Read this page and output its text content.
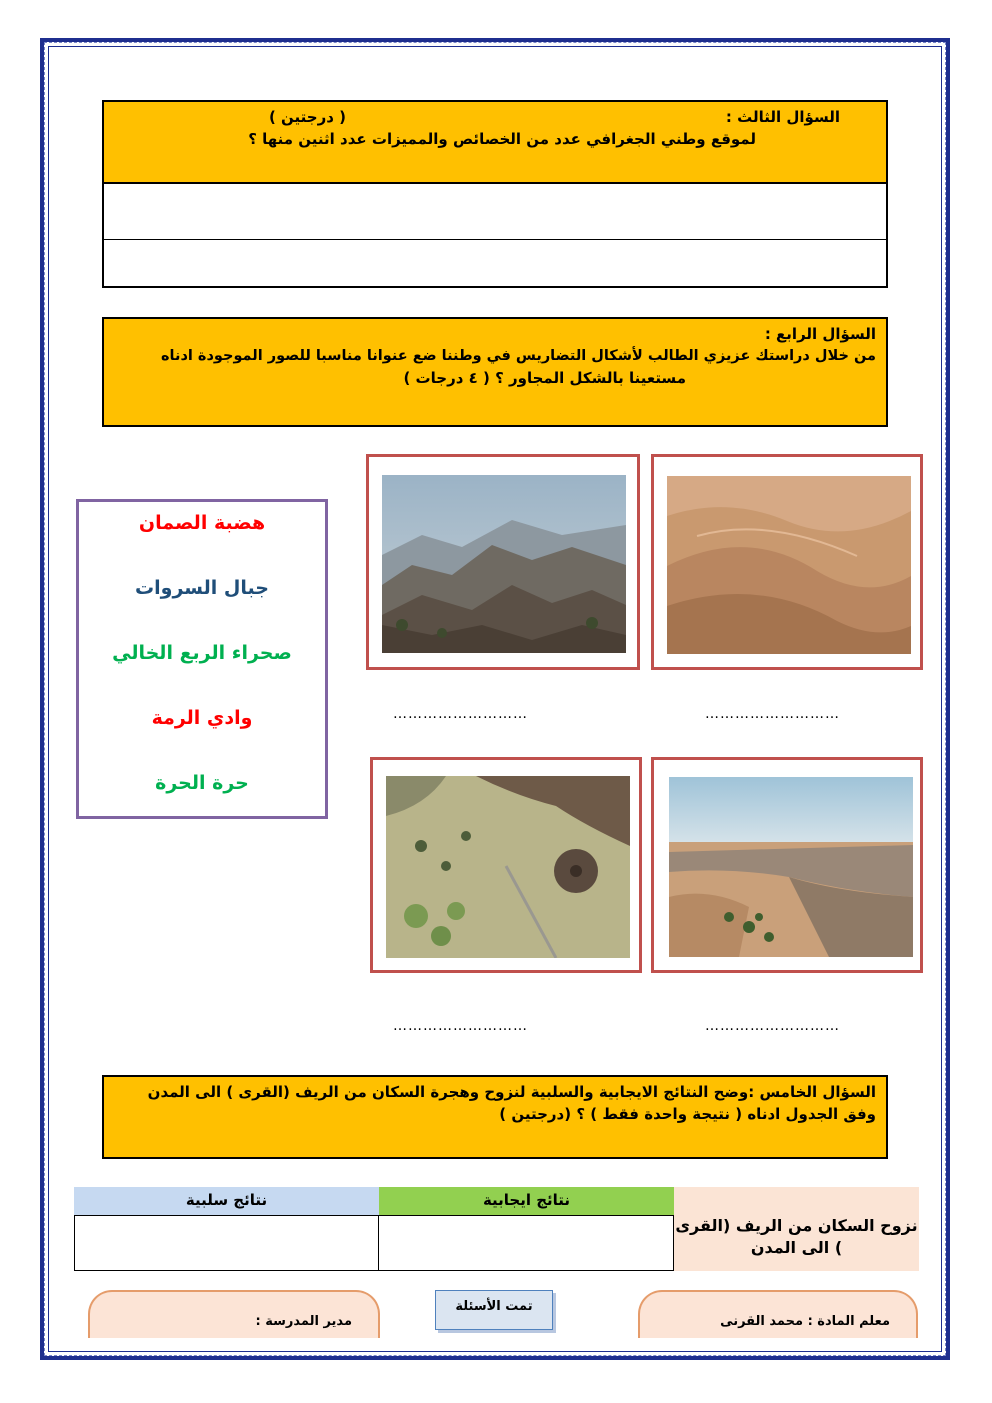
السؤال الثالث :
( درجتين )
لموقع وطني الجغرافي عدد من الخصائص والمميزات عدد اثنين منها ؟
السؤال الرابع :
من خلال دراستك عزيزي الطالب لأشكال التضاريس في وطننا ضع عنوانا مناسبا للصور الموجودة ادناه
مستعينا بالشكل المجاور ؟ ( ٤ درجات )
هضبة الصمان
جبال السروات
صحراء الربع الخالي
وادي الرمة
حرة الحرة
………………………	………………………
………………………	………………………
السؤال الخامس :وضح النتائج الايجابية والسلبية لنزوح وهجرة السكان من الريف (القرى ) الى المدن
وفق الجدول ادناه ( نتيجة واحدة فقط ) ؟ (درجتين )
نزوح السكان من الريف (القرى ) الى المدن
نتائج ايجابية
نتائج سلبية
معلم المادة : محمد القرنى
تمت الأسئلة
مدير المدرسة :
